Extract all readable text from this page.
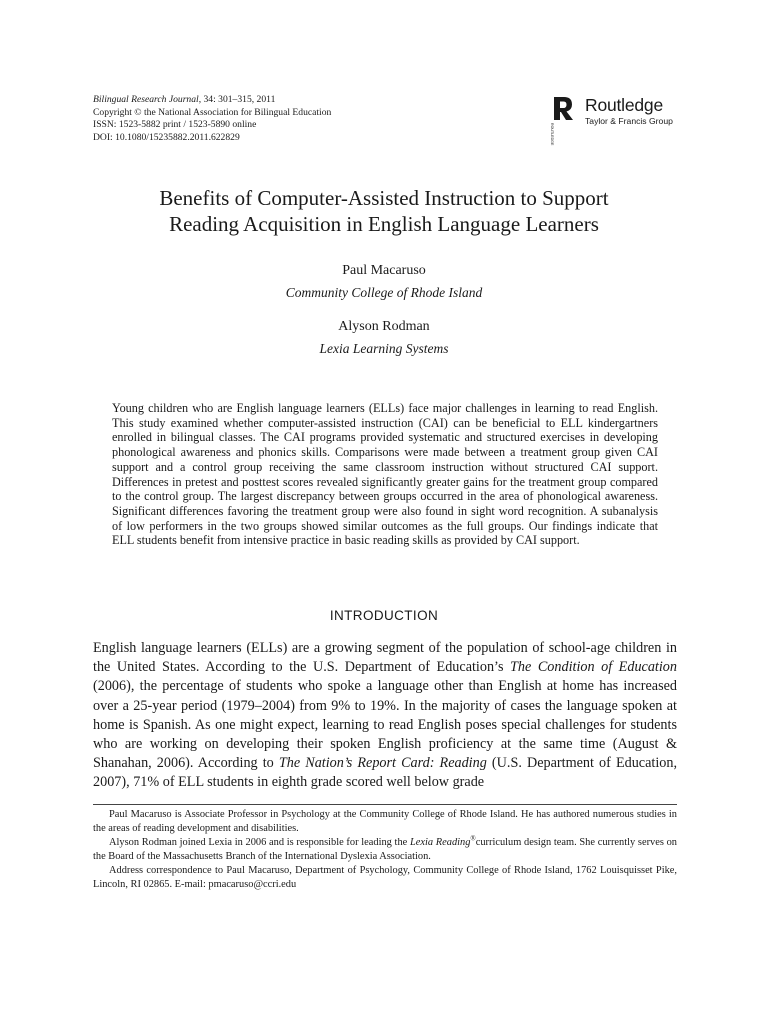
Bilingual Research Journal, 34: 301–315, 2011
Copyright © the National Association for Bilingual Education
ISSN: 1523-5882 print / 1523-5890 online
DOI: 10.1080/15235882.2011.622829	ROUTLEDGE
Routledge
Taylor & Francis Group
Benefits of Computer-Assisted Instruction to Support
Reading Acquisition in English Language Learners
Paul Macaruso
Community College of Rhode Island
Alyson Rodman
Lexia Learning Systems
Young children who are English language learners (ELLs) face major challenges in learning to read English. This study examined whether computer-assisted instruction (CAI) can be beneficial to ELL kindergartners enrolled in bilingual classes. The CAI programs provided systematic and structured exercises in developing phonological awareness and phonics skills. Comparisons were made between a treatment group given CAI support and a control group receiving the same classroom instruction without structured CAI support. Differences in pretest and posttest scores revealed significantly greater gains for the treatment group compared to the control group. The largest discrepancy between groups occurred in the area of phonological awareness. Significant differences favoring the treatment group were also found in sight word recognition. A subanalysis of low performers in the two groups showed similar outcomes as the full groups. Our findings indicate that ELL students benefit from intensive practice in basic reading skills as provided by CAI support.
INTRODUCTION
English language learners (ELLs) are a growing segment of the population of school-age children in the United States. According to the U.S. Department of Education’s The Condition of Education (2006), the percentage of students who spoke a language other than English at home has increased over a 25-year period (1979–2004) from 9% to 19%. In the majority of cases the language spoken at home is Spanish. As one might expect, learning to read English poses special challenges for students who are working on developing their spoken English proficiency at the same time (August & Shanahan, 2006). According to The Nation’s Report Card: Reading (U.S. Department of Education, 2007), 71% of ELL students in eighth grade scored well below grade

Paul Macaruso is Associate Professor in Psychology at the Community College of Rhode Island. He has authored numerous studies in the areas of reading development and disabilities.

Alyson Rodman joined Lexia in 2006 and is responsible for leading the Lexia Reading®curriculum design team. She currently serves on the Board of the Massachusetts Branch of the International Dyslexia Association.

Address correspondence to Paul Macaruso, Department of Psychology, Community College of Rhode Island, 1762 Louisquisset Pike, Lincoln, RI 02865. E-mail: pmacaruso@ccri.edu
